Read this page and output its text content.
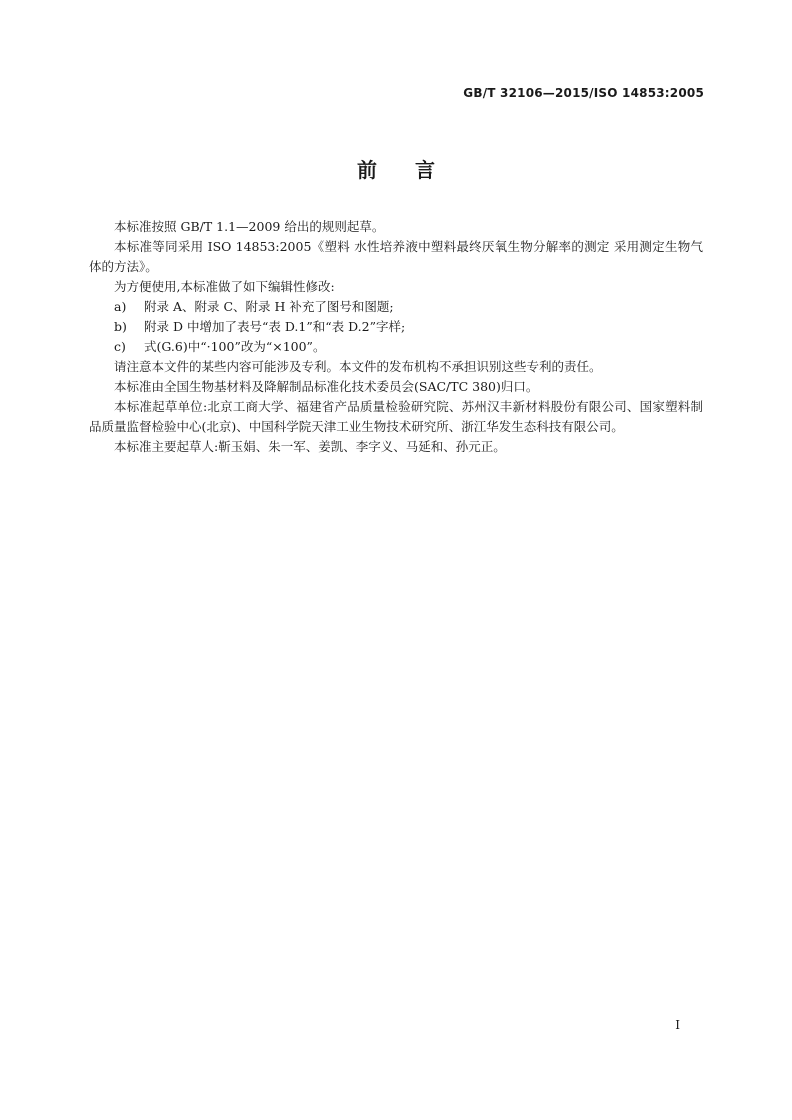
GB/T 32106—2015/ISO 14853:2005
前言

本标准按照 GB/T 1.1—2009 给出的规则起草。

本标准等同采用 ISO 14853:2005《塑料 水性培养液中塑料最终厌氧生物分解率的测定 采用测定生物气体的方法》。

为方便使用,本标准做了如下编辑性修改:

a) 附录 A、附录 C、附录 H 补充了图号和图题;

b) 附录 D 中增加了表号“表 D.1”和“表 D.2”字样;

c) 式(G.6)中“·100”改为“×100”。

请注意本文件的某些内容可能涉及专利。本文件的发布机构不承担识别这些专利的责任。

本标准由全国生物基材料及降解制品标准化技术委员会(SAC/TC 380)归口。

本标准起草单位:北京工商大学、福建省产品质量检验研究院、苏州汉丰新材料股份有限公司、国家塑料制品质量监督检验中心(北京)、中国科学院天津工业生物技术研究所、浙江华发生态科技有限公司。

本标准主要起草人:靳玉娟、朱一军、姜凯、李字义、马延和、孙元正。

I
